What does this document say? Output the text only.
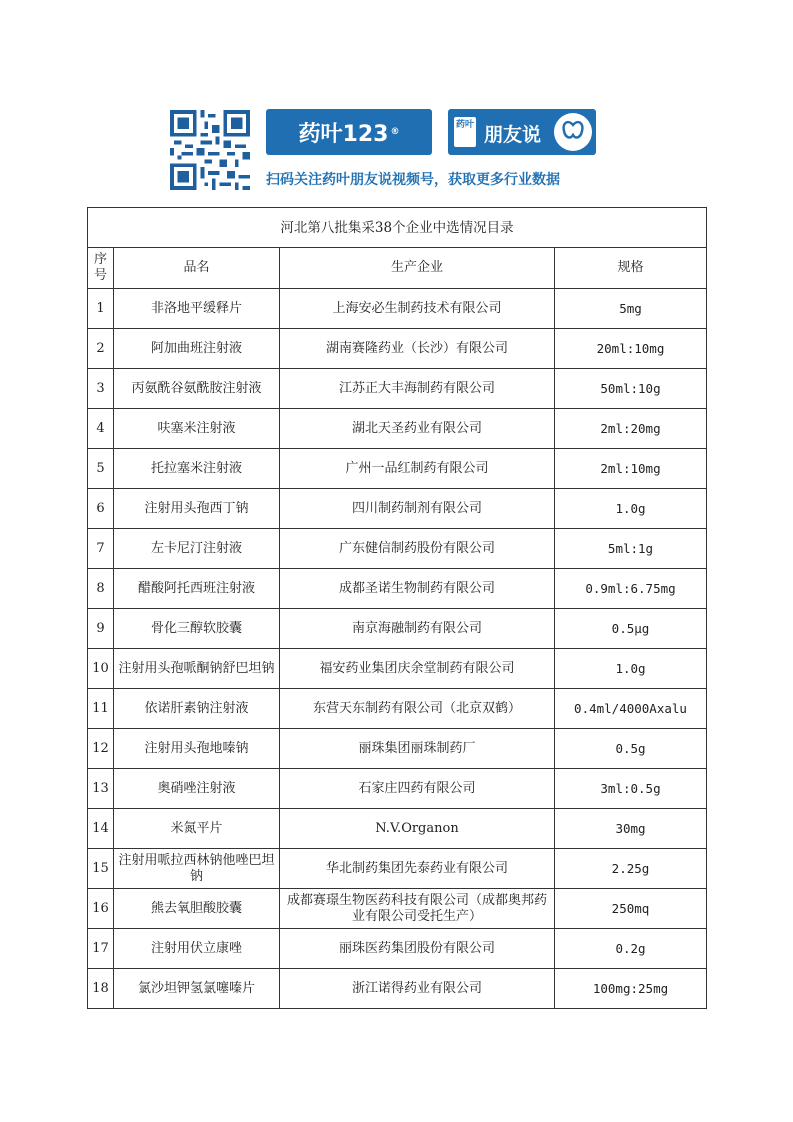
药叶123 ®
药叶 朋友说
扫码关注药叶朋友说视频号，获取更多行业数据
河北第八批集采38个企业中选情况目录			
序号	品名	生产企业	规格
1	非洛地平缓释片	上海安必生制药技术有限公司	5mg
2	阿加曲班注射液	湖南赛隆药业（长沙）有限公司	20ml:10mg
3	丙氨酰谷氨酰胺注射液	江苏正大丰海制药有限公司	50ml:10g
4	呋塞米注射液	湖北天圣药业有限公司	2ml:20mg
5	托拉塞米注射液	广州一品红制药有限公司	2ml:10mg
6	注射用头孢西丁钠	四川制药制剂有限公司	1.0g
7	左卡尼汀注射液	广东健信制药股份有限公司	5ml:1g
8	醋酸阿托西班注射液	成都圣诺生物制药有限公司	0.9ml:6.75mg
9	骨化三醇软胶囊	南京海融制药有限公司	0.5μg
10	注射用头孢哌酮钠舒巴坦钠	福安药业集团庆余堂制药有限公司	1.0g
11	依诺肝素钠注射液	东营天东制药有限公司（北京双鹤）	0.4ml/4000Axalu
12	注射用头孢地嗪钠	丽珠集团丽珠制药厂	0.5g
13	奥硝唑注射液	石家庄四药有限公司	3ml:0.5g
14	米氮平片	N.V.Organon	30mg
15	注射用哌拉西林钠他唑巴坦钠	华北制药集团先泰药业有限公司	2.25g
16	熊去氧胆酸胶囊	成都赛璟生物医药科技有限公司（成都奥邦药业有限公司受托生产）	250mq
17	注射用伏立康唑	丽珠医药集团股份有限公司	0.2g
18	氯沙坦钾氢氯噻嗪片	浙江诺得药业有限公司	100mg:25mg
